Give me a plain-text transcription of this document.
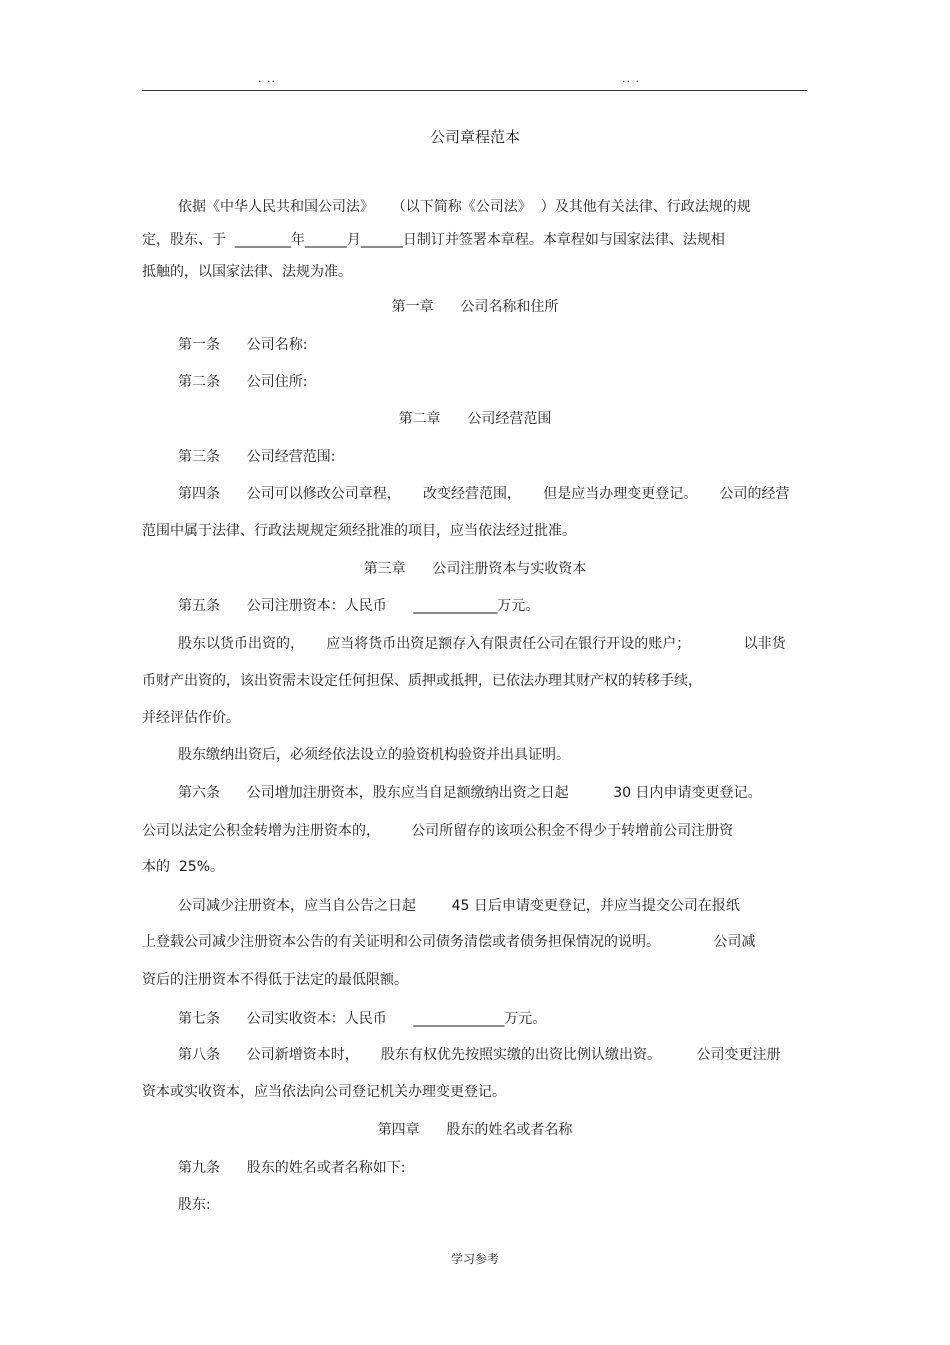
. ..	.. .
公司章程范本
依据《中华人民共和国公司法》    （以下简称《公司法》  ）及其他有关法律、行政法规的规
定，股东、于  ________年______月______日制订并签署本章程。本章程如与国家法律、法规相
抵触的，以国家法律、法规为准。
第一章      公司名称和住所
第一条      公司名称:
第二条      公司住所:
第二章      公司经营范围
第三条      公司经营范围:
第四条      公司可以修改公司章程，     改变经营范围，     但是应当办理变更登记。     公司的经营
范围中属于法律、行政法规规定须经批准的项目，应当依法经过批准。
第三章      公司注册资本与实收资本
第五条      公司注册资本：人民币      ____________万元。
股东以货币出资的，     应当将货币出资足额存入有限责任公司在银行开设的账户；            以非货
币财产出资的，该出资需未设定任何担保、质押或抵押，已依法办理其财产权的转移手续，
并经评估作价。
股东缴纳出资后，必须经依法设立的验资机构验资并出具证明。
第六条      公司增加注册资本，股东应当自足额缴纳出资之日起          30 日内申请变更登记。
公司以法定公积金转增为注册资本的，       公司所留存的该项公积金不得少于转增前公司注册资
本的  25%。
公司减少注册资本，应当自公告之日起        45 日后申请变更登记，并应当提交公司在报纸
上登载公司减少注册资本公告的有关证明和公司债务清偿或者债务担保情况的说明。            公司减
资后的注册资本不得低于法定的最低限额。
第七条      公司实收资本：人民币      _____________万元。
第八条      公司新增资本时，     股东有权优先按照实缴的出资比例认缴出资。        公司变更注册
资本或实收资本，应当依法向公司登记机关办理变更登记。
第四章      股东的姓名或者名称
第九条      股东的姓名或者名称如下:
股东:
学习参考
